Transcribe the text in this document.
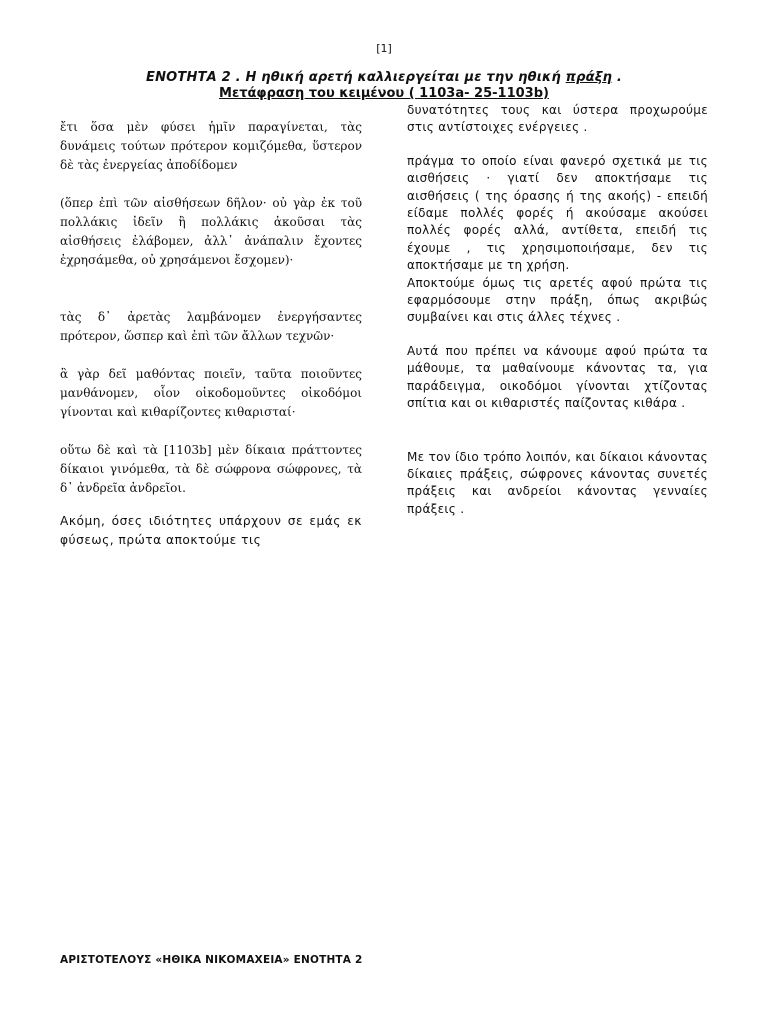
[1]
ΕΝΟΤΗΤΑ 2 . Η ηθική αρετή καλλιεργείται με την ηθική πράξη .
Μετάφραση του κειμένου ( 1103a- 25-1103b)

ἔτι ὅσα μὲν φύσει ἡμῖν παραγίνεται, τὰς δυνάμεις τούτων πρότερον κομιζόμεθα, ὕστερον δὲ τὰς ἐνεργείας ἀποδίδομεν

(ὅπερ ἐπὶ τῶν αἰσθήσεων δῆλον· οὐ γὰρ ἐκ τοῦ πολλάκις ἰδεῖν ἢ πολλάκις ἀκοῦσαι τὰς αἰσθήσεις ἐλάβομεν, ἀλλ᾽ ἀνάπαλιν ἔχοντες ἐχρησάμεθα, οὐ χρησάμενοι ἔσχομεν)·

τὰς δ᾽ ἀρετὰς λαμβάνομεν ἐνεργήσαντες πρότερον, ὥσπερ καὶ ἐπὶ τῶν ἄλλων τεχνῶν·

ἃ γὰρ δεῖ μαθόντας ποιεῖν, ταῦτα ποιοῦντες μανθάνομεν, οἷον οἰκοδομοῦντες οἰκοδόμοι γίνονται καὶ κιθαρίζοντες κιθαρισταί·

οὕτω δὲ καὶ τὰ [1103b] μὲν δίκαια πράττοντες δίκαιοι γινόμεθα, τὰ δὲ σώφρονα σώφρονες, τὰ δ᾽ ἀνδρεῖα ἀνδρεῖοι.

Ακόμη, όσες ιδιότητες υπάρχουν σε εμάς εκ φύσεως, πρώτα αποκτούμε τις

δυνατότητες τους και ύστερα προχωρούμε στις αντίστοιχες ενέργειες .

πράγμα το οποίο είναι φανερό σχετικά με τις αισθήσεις · γιατί δεν αποκτήσαμε τις αισθήσεις ( της όρασης ή της ακοής) - επειδή είδαμε πολλές φορές ή ακούσαμε ακούσει πολλές φορές αλλά, αντίθετα, επειδή τις έχουμε , τις χρησιμοποιήσαμε, δεν τις αποκτήσαμε με τη χρήση.

Αποκτούμε όμως τις αρετές αφού πρώτα τις εφαρμόσουμε στην πράξη, όπως ακριβώς συμβαίνει και στις άλλες τέχνες .

Αυτά που πρέπει να κάνουμε αφού πρώτα τα μάθουμε, τα μαθαίνουμε κάνοντας τα, για παράδειγμα, οικοδόμοι γίνονται χτίζοντας σπίτια και οι κιθαριστές παίζοντας κιθάρα .

Με τον ίδιο τρόπο λοιπόν, και δίκαιοι κάνοντας δίκαιες πράξεις, σώφρονες κάνοντας συνετές πράξεις και ανδρείοι κάνοντας γενναίες πράξεις .

ΑΡΙΣΤΟΤΕΛΟΥΣ «ΗΘΙΚΑ ΝΙΚΟΜΑΧΕΙΑ» ΕΝΟΤΗΤΑ 2
